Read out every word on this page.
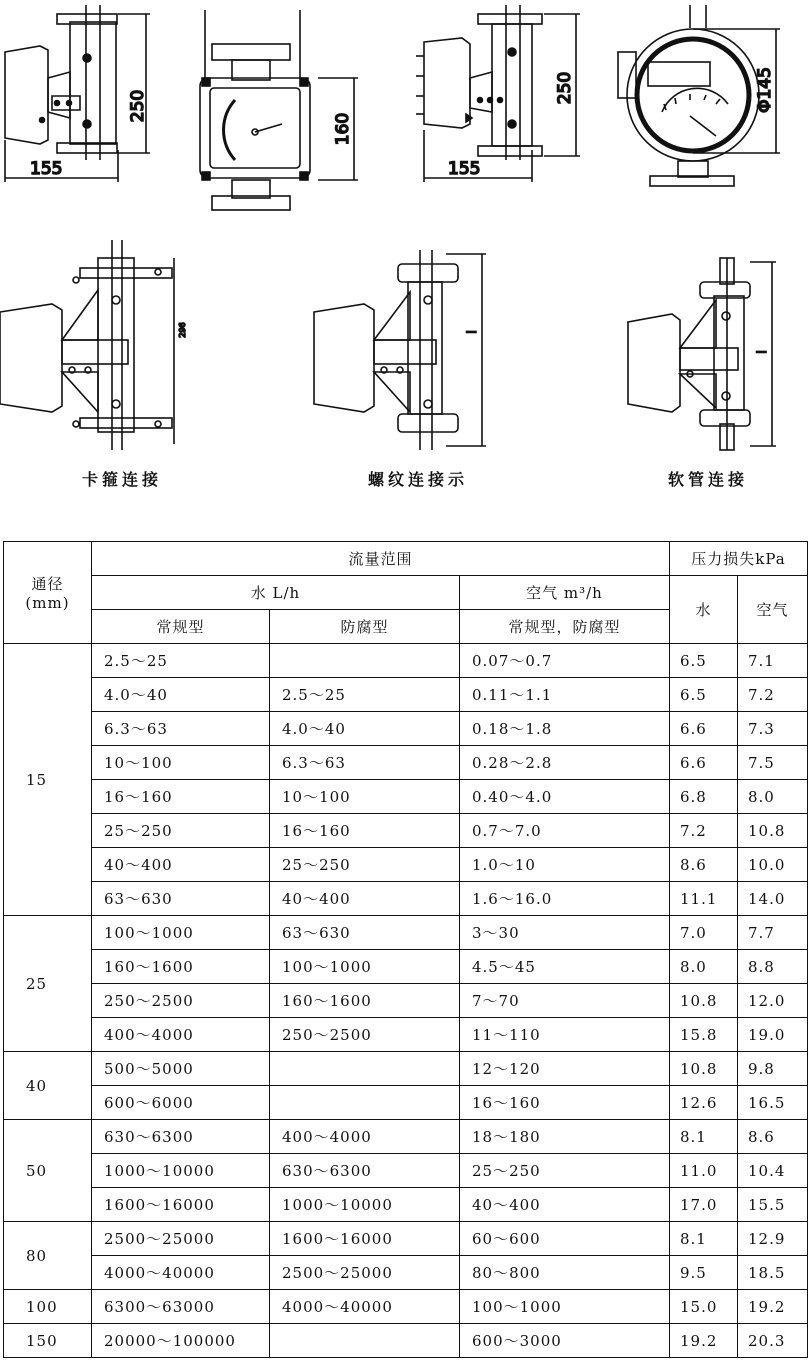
250
155
160
250
155
Φ145
296	l
l
卡箍连接	螺纹连接示	软管连接
通径
(mm)	流量范围			压力损失kPa	
	水 L/h		空气 m³/h	水	空气
	常规型	防腐型	常规型，防腐型		
15	2.5～25		0.07～0.7	6.5	7.1
	4.0～40	2.5～25	0.11～1.1	6.5	7.2
	6.3～63	4.0～40	0.18～1.8	6.6	7.3
	10～100	6.3～63	0.28～2.8	6.6	7.5
	16～160	10～100	0.40～4.0	6.8	8.0
	25～250	16～160	0.7～7.0	7.2	10.8
	40～400	25～250	1.0～10	8.6	10.0
	63～630	40～400	1.6～16.0	11.1	14.0
25	100～1000	63～630	3～30	7.0	7.7
	160～1600	100～1000	4.5～45	8.0	8.8
	250～2500	160～1600	7～70	10.8	12.0
	400～4000	250～2500	11～110	15.8	19.0
40	500～5000		12～120	10.8	9.8
	600～6000		16～160	12.6	16.5
50	630～6300	400～4000	18～180	8.1	8.6
	1000～10000	630～6300	25～250	11.0	10.4
	1600～16000	1000～10000	40～400	17.0	15.5
80	2500～25000	1600～16000	60～600	8.1	12.9
	4000～40000	2500～25000	80～800	9.5	18.5
100	6300～63000	4000～40000	100～1000	15.0	19.2
150	20000～100000		600～3000	19.2	20.3
